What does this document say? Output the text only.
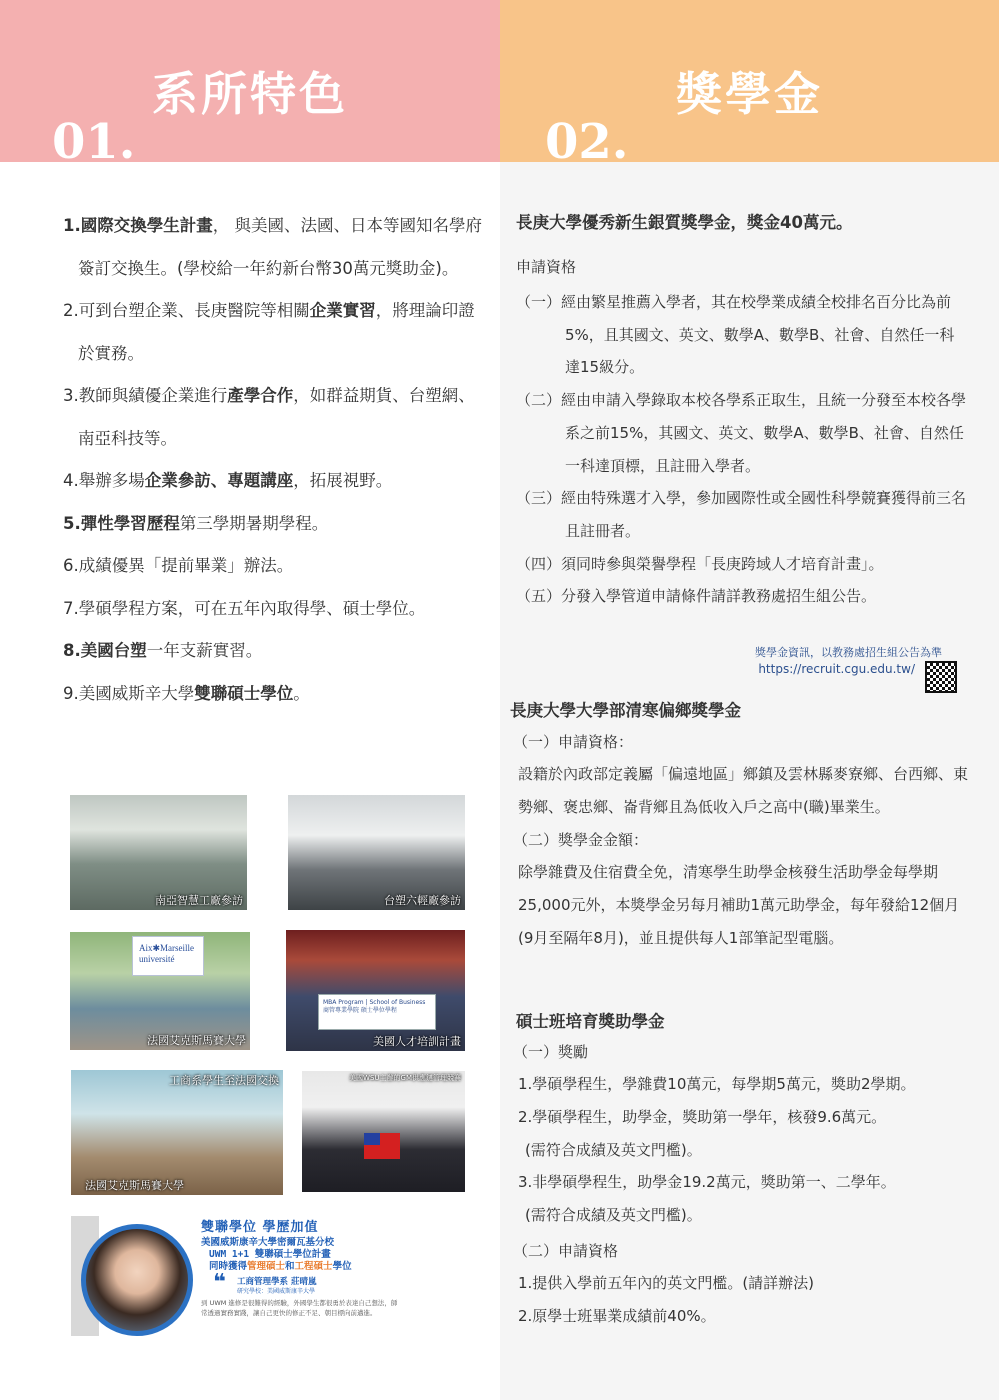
系所特色
01.
獎學金
02.
1.國際交換學生計畫， 與美國、法國、日本等國知名學府簽訂交換生。(學校給一年約新台幣30萬元獎助金)。
2.可到台塑企業、長庚醫院等相關企業實習，將理論印證於實務。
3.教師與績優企業進行產學合作，如群益期貨、台塑網、南亞科技等。
4.舉辦多場企業參訪、專題講座，拓展視野。
5.彈性學習歷程第三學期暑期學程。
6.成績優異「提前畢業」辦法。
7.學碩學程方案，可在五年內取得學、碩士學位。
8.美國台塑一年支薪實習。
9.美國威斯辛大學雙聯碩士學位。
南亞智慧工廠參訪	台塑六輕廠參訪
Aix✱Marseille université
法國艾克斯馬賽大學
MBA Program | School of Business 商管專業學院 碩士學位學程
美國人才培訓計畫
工商系學生至法國交換
法國艾克斯馬賽大學
美國WSU主辦的GM供應鏈管理競賽
雙聯學位 學歷加值
美國威斯康辛大學密爾瓦基分校
UWM 1+1 雙聯碩士學位計畫
同時獲得管理碩士和工程碩士學位
❝ 工商管理學系 莊晴嵐
研究學校：美國威斯康辛大學
到 UWM 進修是很難得的經驗，外國學生都很勇於表達自己想法，師常透過實務實踐，讓自己更快的修正不足、朝目標向前邁進。
長庚大學優秀新生銀質獎學金，獎金40萬元。
申請資格
（一）經由繁星推薦入學者，其在校學業成績全校排名百分比為前5%，且其國文、英文、數學A、數學B、社會、自然任一科達15級分。
（二）經由申請入學錄取本校各學系正取生，且統一分發至本校各學系之前15%，其國文、英文、數學A、數學B、社會、自然任一科達頂標，且註冊入學者。
（三）經由特殊選才入學，參加國際性或全國性科學競賽獲得前三名且註冊者。
（四）須同時參與榮譽學程「長庚跨域人才培育計畫」。
（五）分發入學管道申請條件請詳教務處招生組公告。
獎學金資訊，以教務處招生組公告為準
https://recruit.cgu.edu.tw/
長庚大學大學部清寒偏鄉獎學金
（一）申請資格：
設籍於內政部定義屬「偏遠地區」鄉鎮及雲林縣麥寮鄉、台西鄉、東勢鄉、褒忠鄉、崙背鄉且為低收入戶之高中(職)畢業生。
（二）獎學金金額：
除學雜費及住宿費全免，清寒學生助學金核發生活助學金每學期25,000元外，本獎學金另每月補助1萬元助學金，每年發給12個月(9月至隔年8月)，並且提供每人1部筆記型電腦。
碩士班培育獎助學金
（一）獎勵
1.學碩學程生，學雜費10萬元，每學期5萬元，獎助2學期。
2.學碩學程生，助學金，獎助第一學年，核發9.6萬元。
(需符合成績及英文門檻)。
3.非學碩學程生，助學金19.2萬元，獎助第一、二學年。
(需符合成績及英文門檻)。
（二）申請資格
1.提供入學前五年內的英文門檻。(請詳辦法)
2.原學士班畢業成績前40%。
